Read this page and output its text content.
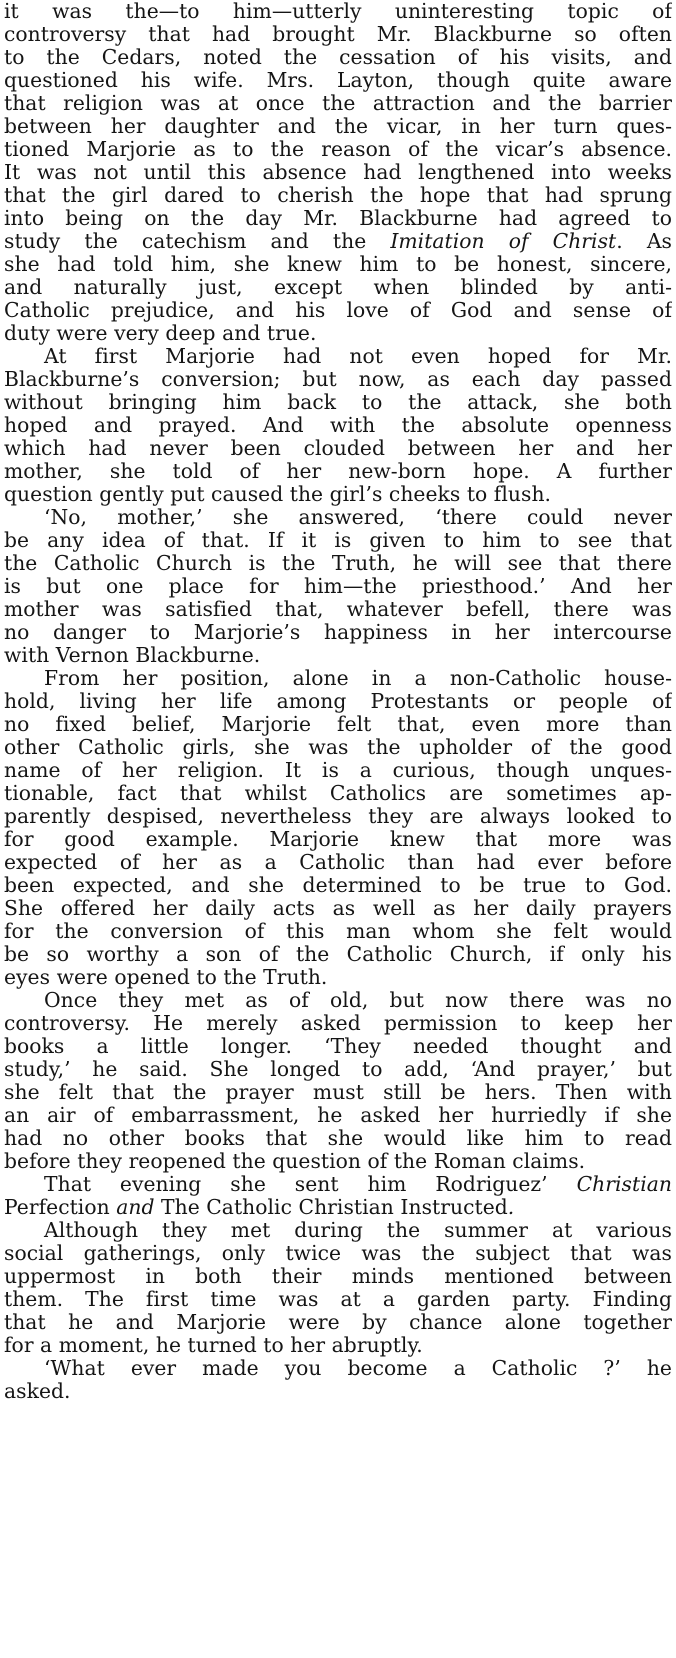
it was the—to him—utterly uninteresting topic of
controversy that had brought Mr. Blackburne so often
to the Cedars, noted the cessation of his visits, and
questioned his wife. Mrs. Layton, though quite aware
that religion was at once the attraction and the barrier
between her daughter and the vicar, in her turn ques-
tioned Marjorie as to the reason of the vicar’s absence.
It was not until this absence had lengthened into weeks
that the girl dared to cherish the hope that had sprung
into being on the day Mr. Blackburne had agreed to
study the catechism and the Imitation of Christ. As
she had told him, she knew him to be honest, sincere,
and naturally just, except when blinded by anti-
Catholic prejudice, and his love of God and sense of
duty were very deep and true.
At first Marjorie had not even hoped for Mr.
Blackburne’s conversion; but now, as each day passed
without bringing him back to the attack, she both
hoped and prayed. And with the absolute openness
which had never been clouded between her and her
mother, she told of her new-born hope. A further
question gently put caused the girl’s cheeks to flush.
‘No, mother,’ she answered, ‘there could never
be any idea of that. If it is given to him to see that
the Catholic Church is the Truth, he will see that there
is but one place for him—the priesthood.’ And her
mother was satisfied that, whatever befell, there was
no danger to Marjorie’s happiness in her intercourse
with Vernon Blackburne.
From her position, alone in a non-Catholic house-
hold, living her life among Protestants or people of
no fixed belief, Marjorie felt that, even more than
other Catholic girls, she was the upholder of the good
name of her religion. It is a curious, though unques-
tionable, fact that whilst Catholics are sometimes ap-
parently despised, nevertheless they are always looked to
for good example. Marjorie knew that more was
expected of her as a Catholic than had ever before
been expected, and she determined to be true to God.
She offered her daily acts as well as her daily prayers
for the conversion of this man whom she felt would
be so worthy a son of the Catholic Church, if only his
eyes were opened to the Truth.
Once they met as of old, but now there was no
controversy. He merely asked permission to keep her
books a little longer. ‘They needed thought and
study,’ he said. She longed to add, ‘And prayer,’ but
she felt that the prayer must still be hers. Then with
an air of embarrassment, he asked her hurriedly if she
had no other books that she would like him to read
before they reopened the question of the Roman claims.
That evening she sent him Rodriguez’ Christian
Perfection and The Catholic Christian Instructed.
Although they met during the summer at various
social gatherings, only twice was the subject that was
uppermost in both their minds mentioned between
them. The first time was at a garden party. Finding
that he and Marjorie were by chance alone together
for a moment, he turned to her abruptly.
‘What ever made you become a Catholic ?’ he
asked.
